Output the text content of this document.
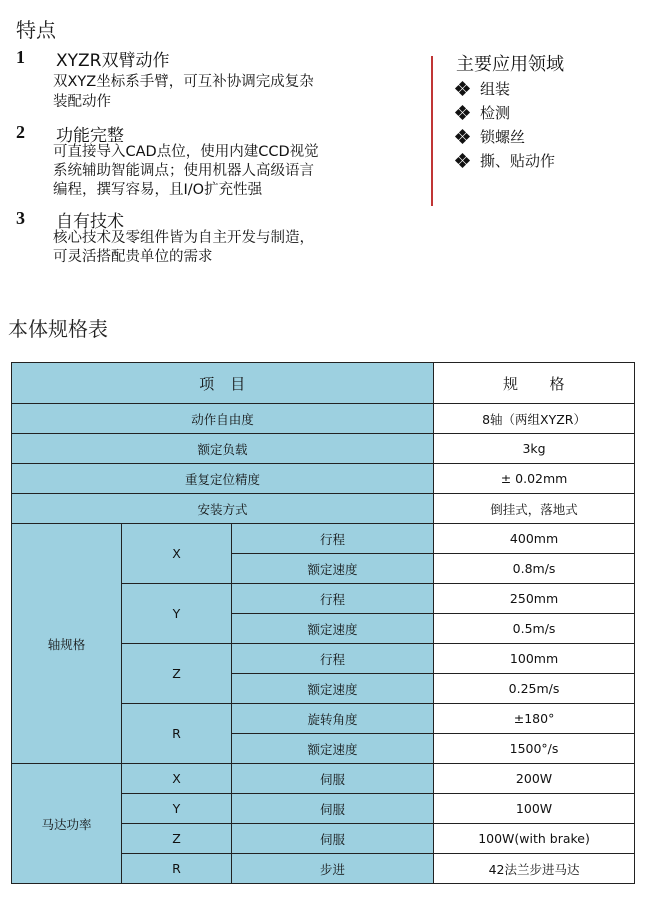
特点
1 XYZR双臂动作
双XYZ坐标系手臂，可互补协调完成复杂
装配动作
2 功能完整
可直接导入CAD点位，使用内建CCD视觉
系统辅助智能调点；使用机器人高级语言
编程，撰写容易，且I/O扩充性强
3 自有技术
核心技术及零组件皆为自主开发与制造，
可灵活搭配贵单位的需求
主要应用领域
组装
检测
锁螺丝
撕、贴动作
本体规格表
项　目			规　　格
动作自由度			8轴（两组XYZR）
额定负载			3kg
重复定位精度			± 0.02mm
安装方式			倒挂式，落地式
轴规格	X	行程	400mm
		额定速度	0.8m/s
	Y	行程	250mm
		额定速度	0.5m/s
	Z	行程	100mm
		额定速度	0.25m/s
	R	旋转角度	±180°
		额定速度	1500°/s
马达功率	X	伺服	200W
	Y	伺服	100W
	Z	伺服	100W(with brake)
	R	步进	42法兰步进马达
